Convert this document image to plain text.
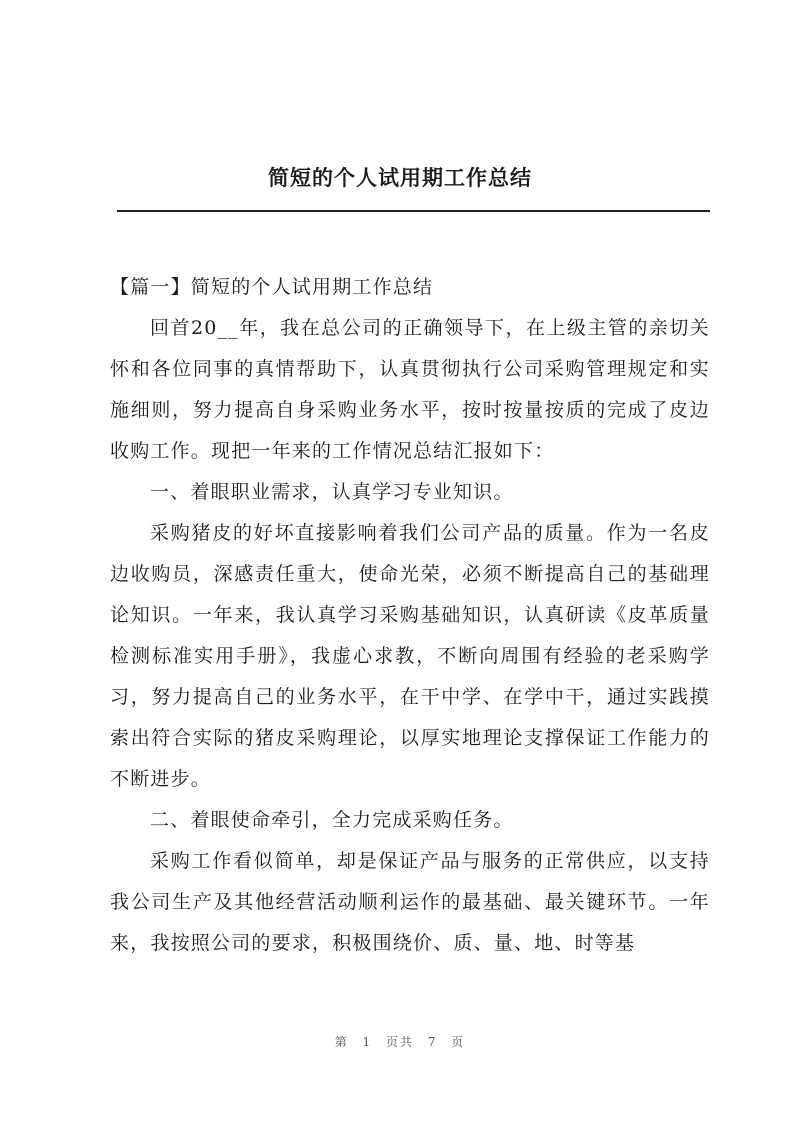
简短的个人试用期工作总结

【篇一】简短的个人试用期工作总结

回首20__年，我在总公司的正确领导下，在上级主管的亲切关怀和各位同事的真情帮助下，认真贯彻执行公司采购管理规定和实施细则，努力提高自身采购业务水平，按时按量按质的完成了皮边收购工作。现把一年来的工作情况总结汇报如下：

一、着眼职业需求，认真学习专业知识。

采购猪皮的好坏直接影响着我们公司产品的质量。作为一名皮边收购员，深感责任重大，使命光荣，必须不断提高自己的基础理论知识。一年来，我认真学习采购基础知识，认真研读《皮革质量检测标准实用手册》，我虚心求教，不断向周围有经验的老采购学习，努力提高自己的业务水平，在干中学、在学中干，通过实践摸索出符合实际的猪皮采购理论，以厚实地理论支撑保证工作能力的不断进步。

二、着眼使命牵引，全力完成采购任务。

采购工作看似简单，却是保证产品与服务的正常供应，以支持我公司生产及其他经营活动顺利运作的最基础、最关键环节。一年来，我按照公司的要求，积极围绕价、质、量、地、时等基

第 1 页共 7 页
